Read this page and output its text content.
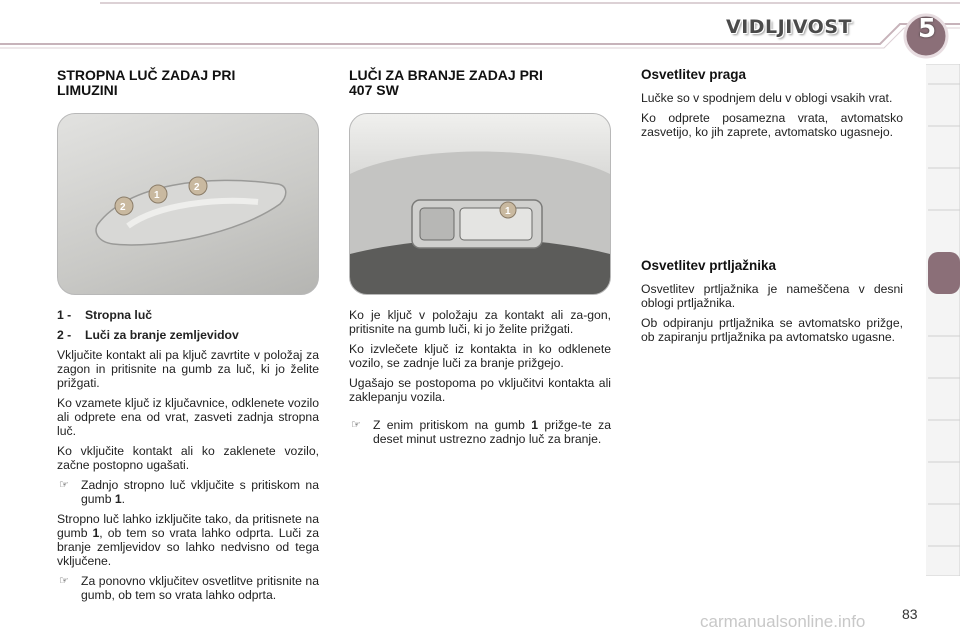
VIDLJIVOST	5
STROPNA LUČ ZADAJ PRI
LIMUZINI
2
1
2
1 - Stropna luč
2 - Luči za branje zemljevidov

Vključite kontakt ali pa ključ zavrtite v položaj za zagon in pritisnite na gumb za luč, ki jo želite prižgati.

Ko vzamete ključ iz ključavnice, odklenete vozilo ali odprete ena od vrat, zasveti zadnja stropna luč.

Ko vključite kontakt ali ko zaklenete vozilo, začne postopno ugašati.

☞ Zadnjo stropno luč vključite s pritiskom na gumb 1.

Stropno luč lahko izključite tako, da pritisnete na gumb 1, ob tem so vrata lahko odprta. Luči za branje zemljevidov so lahko nedvisno od tega vključene.

☞ Za ponovno vključitev osvetlitve pritisnite na gumb, ob tem so vrata lahko odprta.
LUČI ZA BRANJE ZADAJ PRI
407 SW
1

Ko je ključ v položaju za kontakt ali za-gon, pritisnite na gumb luči, ki jo želite prižgati.

Ko izvlečete ključ iz kontakta in ko odklenete vozilo, se zadnje luči za branje prižgejo.

Ugašajo se postopoma po vključitvi kontakta ali zaklepanju vozila.

☞ Z enim pritiskom na gumb 1 prižge-te za deset minut ustrezno zadnjo luč za branje.
Osvetlitev praga

Lučke so v spodnjem delu v oblogi vsakih vrat.

Ko odprete posamezna vrata, avtomatsko zasvetijo, ko jih zaprete, avtomatsko ugasnejo.

Osvetlitev prtljažnika

Osvetlitev prtljažnika je nameščena v desni oblogi prtljažnika.

Ob odpiranju prtljažnika se avtomatsko prižge, ob zapiranju prtljažnika pa avtomatsko ugasne.

carmanualsonline.info	83
